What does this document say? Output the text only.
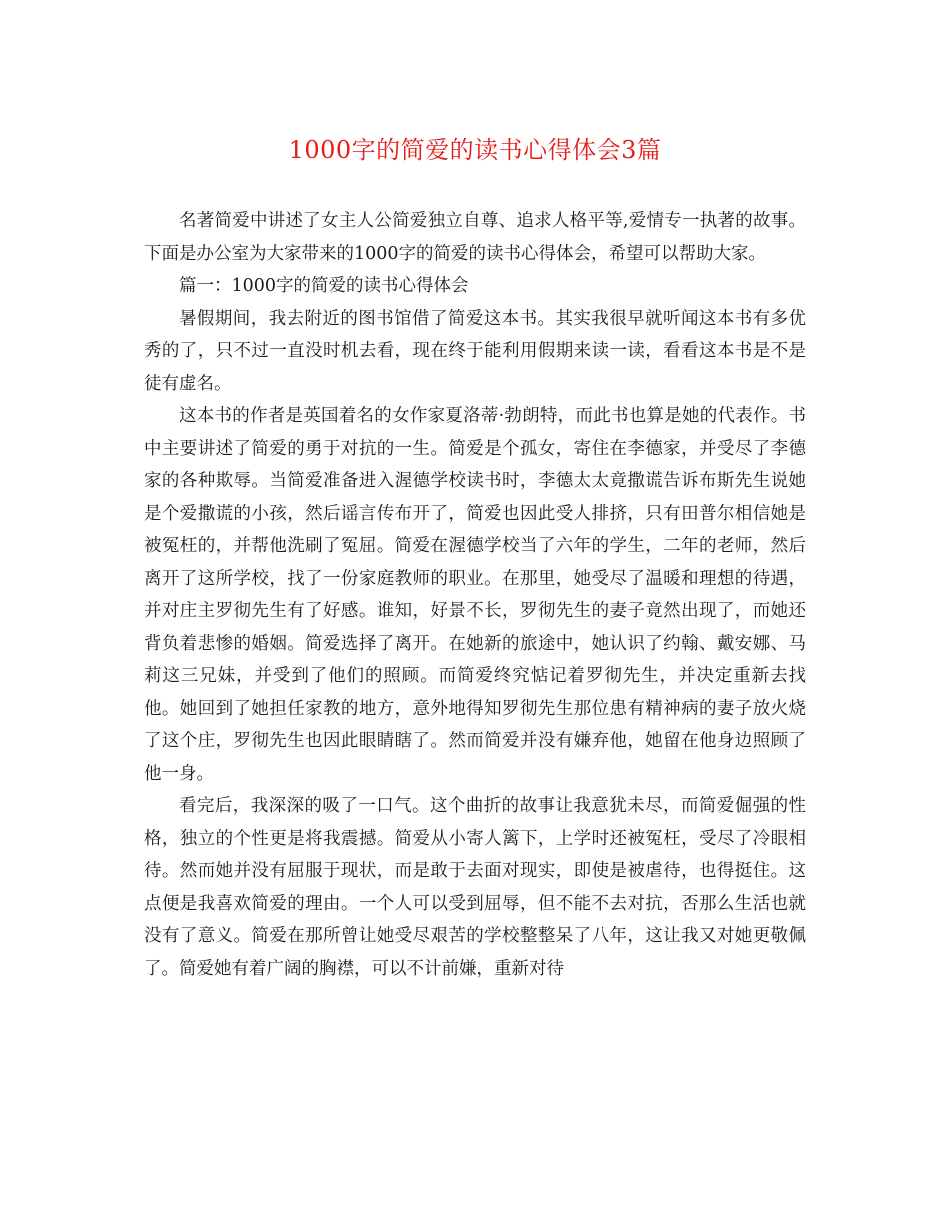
1000字的简爱的读书心得体会3篇

名著简爱中讲述了女主人公简爱独立自尊、追求人格平等,爱情专一执著的故事。下面是办公室为大家带来的1000字的简爱的读书心得体会，希望可以帮助大家。

篇一：1000字的简爱的读书心得体会

暑假期间，我去附近的图书馆借了简爱这本书。其实我很早就听闻这本书有多优秀的了，只不过一直没时机去看，现在终于能利用假期来读一读，看看这本书是不是徒有虚名。

这本书的作者是英国着名的女作家夏洛蒂·勃朗特，而此书也算是她的代表作。书中主要讲述了简爱的勇于对抗的一生。简爱是个孤女，寄住在李德家，并受尽了李德家的各种欺辱。当简爱准备进入渥德学校读书时，李德太太竟撒谎告诉布斯先生说她是个爱撒谎的小孩，然后谣言传布开了，简爱也因此受人排挤，只有田普尔相信她是被冤枉的，并帮他洗刷了冤屈。简爱在渥德学校当了六年的学生，二年的老师，然后离开了这所学校，找了一份家庭教师的职业。在那里，她受尽了温暖和理想的待遇，并对庄主罗彻先生有了好感。谁知，好景不长，罗彻先生的妻子竟然出现了，而她还背负着悲惨的婚姻。简爱选择了离开。在她新的旅途中，她认识了约翰、戴安娜、马莉这三兄妹，并受到了他们的照顾。而简爱终究惦记着罗彻先生，并决定重新去找他。她回到了她担任家教的地方，意外地得知罗彻先生那位患有精神病的妻子放火烧了这个庄，罗彻先生也因此眼睛瞎了。然而简爱并没有嫌弃他，她留在他身边照顾了他一身。

看完后，我深深的吸了一口气。这个曲折的故事让我意犹未尽，而简爱倔强的性格，独立的个性更是将我震撼。简爱从小寄人篱下，上学时还被冤枉，受尽了冷眼相待。然而她并没有屈服于现状，而是敢于去面对现实，即使是被虐待，也得挺住。这点便是我喜欢简爱的理由。一个人可以受到屈辱，但不能不去对抗，否那么生活也就没有了意义。简爱在那所曾让她受尽艰苦的学校整整呆了八年，这让我又对她更敬佩了。简爱她有着广阔的胸襟，可以不计前嫌，重新对待
